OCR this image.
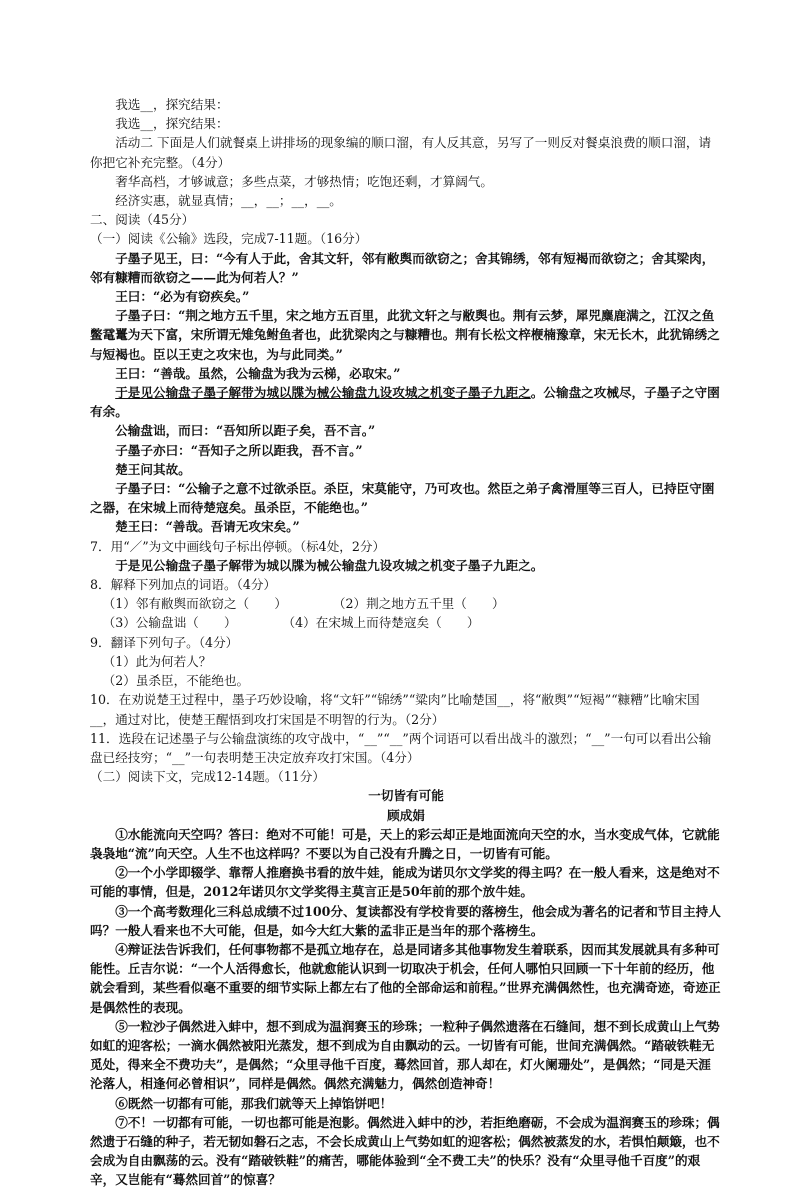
我选__，探究结果：

我选__，探究结果：

活动二 下面是人们就餐桌上讲排场的现象编的顺口溜，有人反其意，另写了一则反对餐桌浪费的顺口溜，请你把它补充完整。（4分）

奢华高档，才够诚意；多些点菜，才够热情；吃饱还剩，才算阔气。

经济实惠，就显真情；__，__；__，__。

二、阅读（45分）

（一）阅读《公输》选段，完成7-11题。（16分）

子墨子见王，曰：“今有人于此，舍其文轩，邻有敝舆而欲窃之；舍其锦绣，邻有短褐而欲窃之；舍其梁肉，邻有糠糟而欲窃之——此为何若人？”

王曰：“必为有窃疾矣。”

子墨子曰：“荆之地方五千里，宋之地方五百里，此犹文轩之与敝舆也。荆有云梦，犀兕麋鹿满之，江汉之鱼鳖鼋鼍为天下富，宋所谓无雉兔鲋鱼者也，此犹梁肉之与糠糟也。荆有长松文梓楩楠豫章，宋无长木，此犹锦绣之与短褐也。臣以王吏之攻宋也，为与此同类。”

王曰：“善哉。虽然，公输盘为我为云梯，必取宋。”

于是见公输盘子墨子解带为城以牒为械公输盘九设攻城之机变子墨子九距之。公输盘之攻械尽，子墨子之守圉有余。

公输盘诎，而曰：“吾知所以距子矣，吾不言。”

子墨子亦曰：“吾知子之所以距我，吾不言。”

楚王问其故。

子墨子曰：“公输子之意不过欲杀臣。杀臣，宋莫能守，乃可攻也。然臣之弟子禽滑厘等三百人，已持臣守圉之器，在宋城上而待楚寇矣。虽杀臣，不能绝也。”

楚王曰：“善哉。吾请无攻宋矣。”

7．用“／”为文中画线句子标出停顿。（标4处，2分）

于是见公输盘子墨子解带为城以牒为械公输盘九设攻城之机变子墨子九距之。

8．解释下列加点的词语。（4分）

（1）邻有敝舆而欲窃之（　　）	（2）荆之地方五千里（　　）

（3）公输盘诎（　　）	（4）在宋城上而待楚寇矣（　　）

9．翻译下列句子。（4分）

（1）此为何若人？

（2）虽杀臣，不能绝也。

10．在劝说楚王过程中，墨子巧妙设喻，将“文轩”“锦绣”“粱肉”比喻楚国__，将“敝舆”“短褐”“糠糟”比喻宋国__，通过对比，使楚王醒悟到攻打宋国是不明智的行为。（2分）

11．选段在记述墨子与公输盘演练的攻守战中，“__”“__”两个词语可以看出战斗的激烈；“__”一句可以看出公输盘已经技穷；“__”一句表明楚王决定放弃攻打宋国。（4分）

（二）阅读下文，完成12-14题。（11分）

一切皆有可能

顾成娟

①水能流向天空吗？答曰：绝对不可能！可是，天上的彩云却正是地面流向天空的水，当水变成气体，它就能袅袅地“流”向天空。人生不也这样吗？不要以为自己没有升腾之日，一切皆有可能。

②一个小学即辍学、靠帮人推磨换书看的放牛娃，能成为诺贝尔文学奖的得主吗？在一般人看来，这是绝对不可能的事情，但是，2012年诺贝尔文学奖得主莫言正是50年前的那个放牛娃。

③一个高考数理化三科总成绩不过100分、复读都没有学校肯要的落榜生，他会成为著名的记者和节目主持人吗？一般人看来也不大可能，但是，如今大红大紫的孟非正是当年的那个落榜生。

④辩证法告诉我们，任何事物都不是孤立地存在，总是同诸多其他事物发生着联系，因而其发展就具有多种可能性。丘吉尔说：“一个人活得愈长，他就愈能认识到一切取决于机会，任何人哪怕只回顾一下十年前的经历，他就会看到，某些看似毫不重要的细节实际上都左右了他的全部命运和前程。”世界充满偶然性，也充满奇迹，奇迹正是偶然性的表现。

⑤一粒沙子偶然进入蚌中，想不到成为温润赛玉的珍珠；一粒种子偶然遗落在石缝间，想不到长成黄山上气势如虹的迎客松；一滴水偶然被阳光蒸发，想不到成为自由飘动的云。一切皆有可能，世间充满偶然。“踏破铁鞋无觅处，得来全不费功夫”，是偶然；“众里寻他千百度，蓦然回首，那人却在，灯火阑珊处”，是偶然；“同是天涯沦落人，相逢何必曾相识”，同样是偶然。偶然充满魅力，偶然创造神奇！

⑥既然一切都有可能，那我们就等天上掉馅饼吧！

⑦不！一切都有可能，一切也都可能是泡影。偶然进入蚌中的沙，若拒绝磨砺，不会成为温润赛玉的珍珠；偶然遗于石缝的种子，若无韧如磐石之志，不会长成黄山上气势如虹的迎客松；偶然被蒸发的水，若惧怕颠簸，也不会成为自由飘荡的云。没有“踏破铁鞋”的痛苦，哪能体验到“全不费工夫”的快乐？没有“众里寻他千百度”的艰辛，又岂能有“蓦然回首”的惊喜？
